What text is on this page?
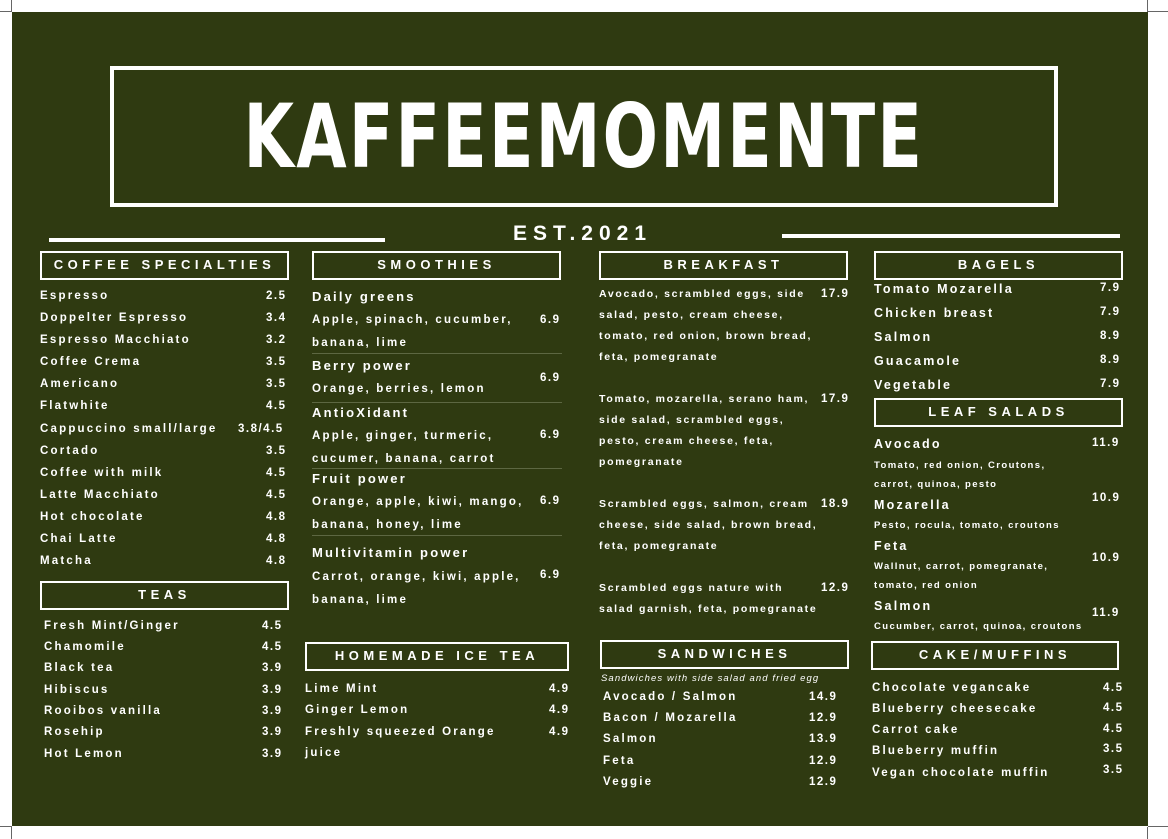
KAFFEEMOMENTE
EST.2021
COFFEE SPECIALTIES
Espresso	2.5
Doppelter Espresso	3.4
Espresso Macchiato	3.2
Coffee Crema	3.5
Americano	3.5
Flatwhite	4.5
Cappuccino small/large 3.8/4.5
Cortado	3.5
Coffee with milk	4.5
Latte Macchiato	4.5
Hot chocolate	4.8
Chai Latte	4.8
Matcha	4.8
TEAS
Fresh Mint/Ginger	4.5
Chamomile	4.5
Black tea	3.9
Hibiscus	3.9
Rooibos vanilla	3.9
Rosehip	3.9
Hot Lemon	3.9
SMOOTHIES
Daily greens
Apple, spinach, cucumber,
banana, lime
6.9
Berry power
Orange, berries, lemon
6.9
AntioXidant
Apple, ginger, turmeric,
cucumer, banana, carrot
6.9
Fruit power
Orange, apple, kiwi, mango,
banana, honey, lime
6.9
Multivitamin power
Carrot, orange, kiwi, apple,
banana, lime
6.9
HOMEMADE ICE TEA
Lime Mint	4.9
Ginger Lemon	4.9
Freshly squeezed Orange
juice
4.9
BREAKFAST
Avocado, scrambled eggs, side
salad, pesto, cream cheese,
tomato, red onion, brown bread,
feta, pomegranate
17.9
Tomato, mozarella, serano ham,
side salad, scrambled eggs,
pesto, cream cheese, feta,
pomegranate
17.9
Scrambled eggs, salmon, cream
cheese, side salad, brown bread,
feta, pomegranate
18.9
Scrambled eggs nature with
salad garnish, feta, pomegranate
12.9
SANDWICHES
Sandwiches with side salad and fried egg
Avocado / Salmon	14.9
Bacon / Mozarella	12.9
Salmon	13.9
Feta	12.9
Veggie	12.9
BAGELS
Tomato Mozarella	7.9
Chicken breast	7.9
Salmon	8.9
Guacamole	8.9
Vegetable	7.9
LEAF SALADS
Avocado
Tomato, red onion, Croutons,
carrot, quinoa, pesto
11.9
Mozarella
Pesto, rocula, tomato, croutons
10.9
Feta
Wallnut, carrot, pomegranate,
tomato, red onion
10.9
Salmon
Cucumber, carrot, quinoa, croutons
11.9
CAKE/MUFFINS
Chocolate vegancake	4.5
Blueberry cheesecake	4.5
Carrot cake	4.5
Blueberry muffin	3.5
Vegan chocolate muffin	3.5
